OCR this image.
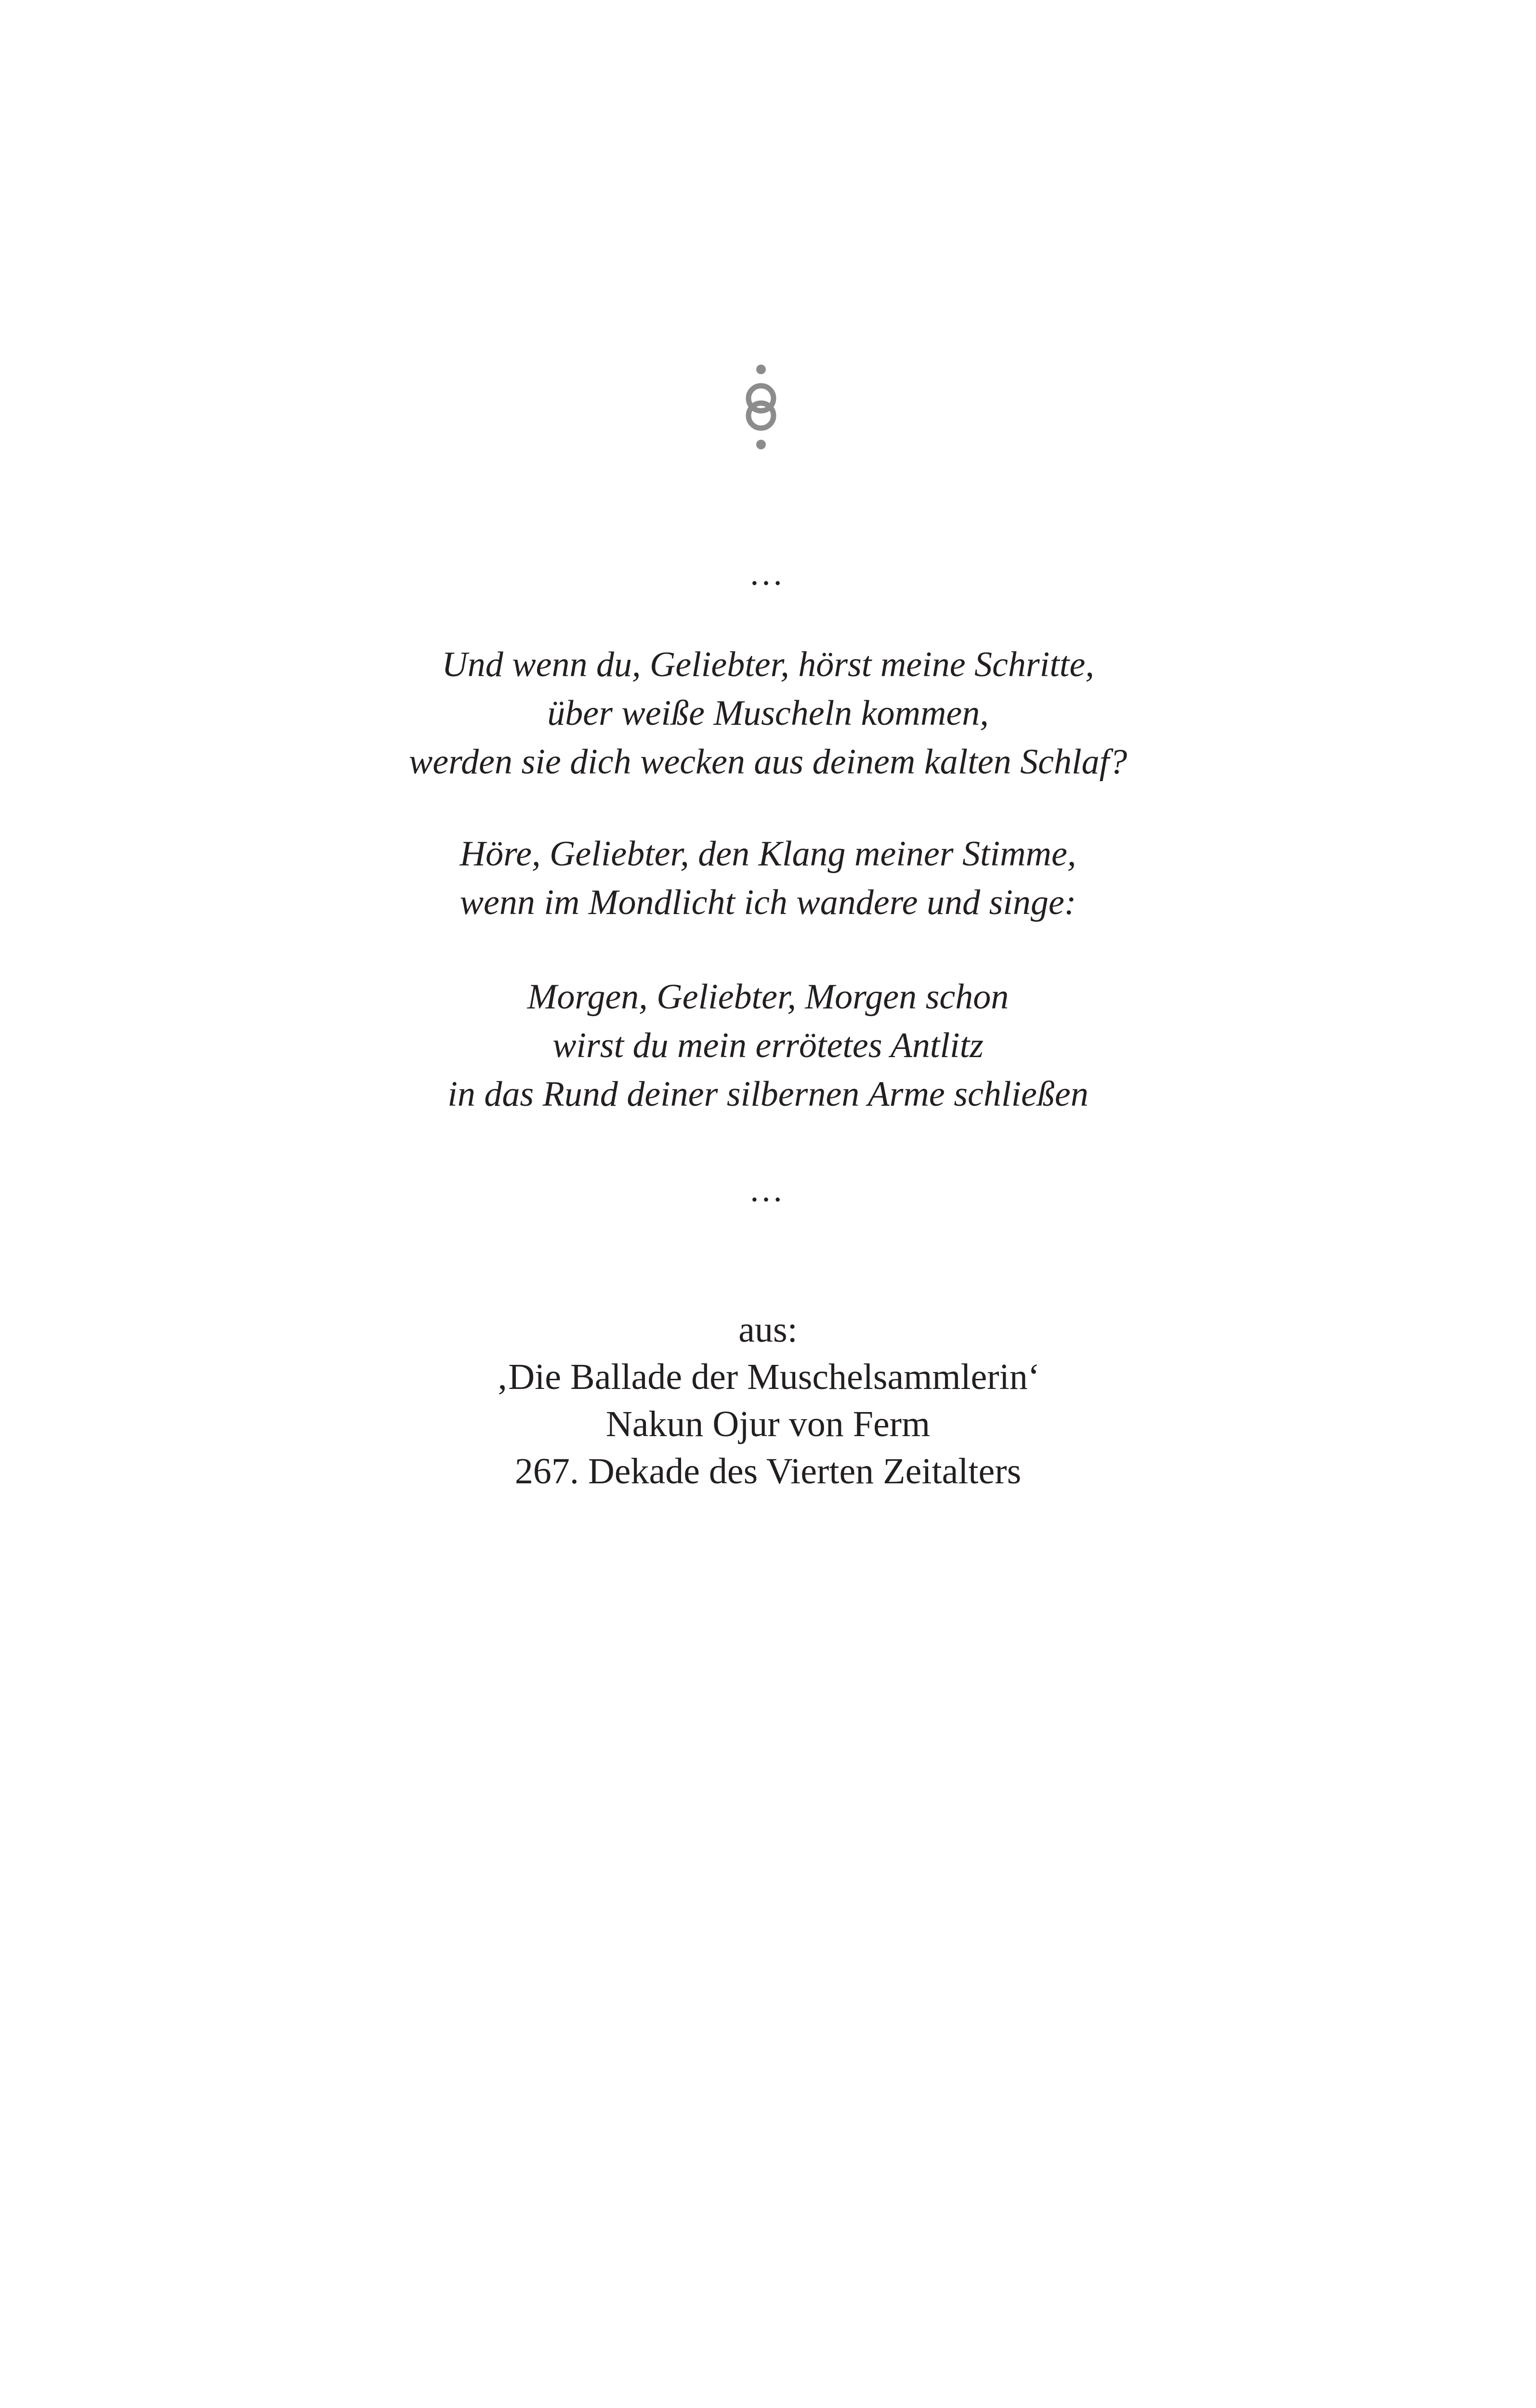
…
Und wenn du, Geliebter, hörst meine Schritte,
über weiße Muscheln kommen,
werden sie dich wecken aus deinem kalten Schlaf?
Höre, Geliebter, den Klang meiner Stimme,
wenn im Mondlicht ich wandere und singe:
Morgen, Geliebter, Morgen schon
wirst du mein errötetes Antlitz
in das Rund deiner silbernen Arme schließen
…
aus:
‚Die Ballade der Muschelsammlerin‘
Nakun Ojur von Ferm
267. Dekade des Vierten Zeitalters
